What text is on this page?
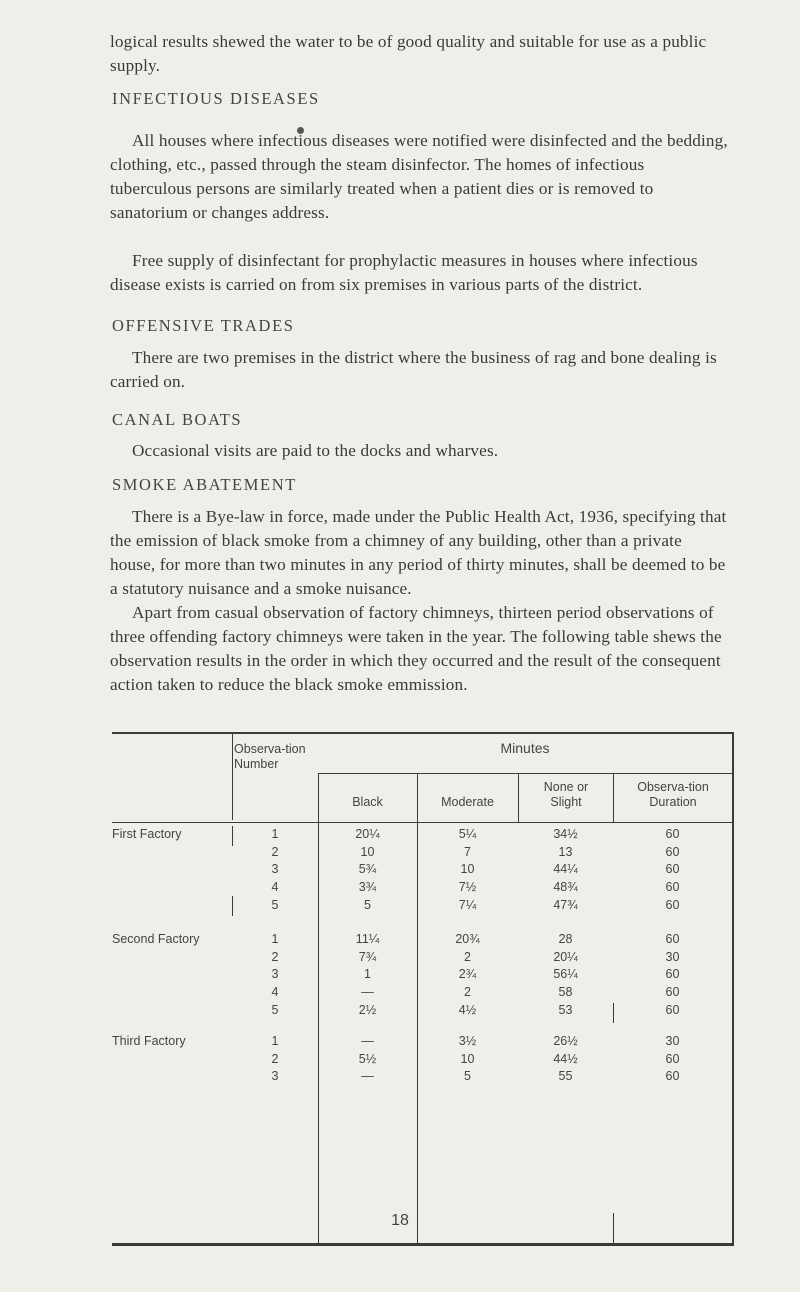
logical results shewed the water to be of good quality and suitable for use as a public supply.

INFECTIOUS DISEASES

All houses where infectious diseases were notified were disinfected and the bedding, clothing, etc., passed through the steam disinfector. The homes of infectious tuberculous persons are similarly treated when a patient dies or is removed to sanatorium or changes address.

Free supply of disinfectant for prophylactic measures in houses where infectious disease exists is carried on from six premises in various parts of the district.

OFFENSIVE TRADES

There are two premises in the district where the business of rag and bone dealing is carried on.

CANAL BOATS

Occasional visits are paid to the docks and wharves.

SMOKE ABATEMENT

There is a Bye-law in force, made under the Public Health Act, 1936, specifying that the emission of black smoke from a chimney of any building, other than a private house, for more than two minutes in any period of thirty minutes, shall be deemed to be a statutory nuisance and a smoke nuisance.

Apart from casual observation of factory chimneys, thirteen period observations of three offending factory chimneys were taken in the year. The following table shews the observation results in the order in which they occurred and the result of the consequent action taken to reduce the black smoke emmission.

Observa-tion Number
Minutes
Black	Moderate
None or Slight
Observa-tion Duration
First Factory	1	20¼	5¼	34½	60
2	10	7	13	60
3	5¾	10	44¼	60
4	3¾	7½	48¾	60
5	5	7¼	47¾	60
Second Factory	1	11¼	20¾	28	60
2	7¾	2	20¼	30
3	1	2¾	56¼	60
4	—	2	58	60
5	2½	4½	53	60
Third Factory	1	—	3½	26½	30
2	5½	10	44½	60
3	—	5	55	60
18
